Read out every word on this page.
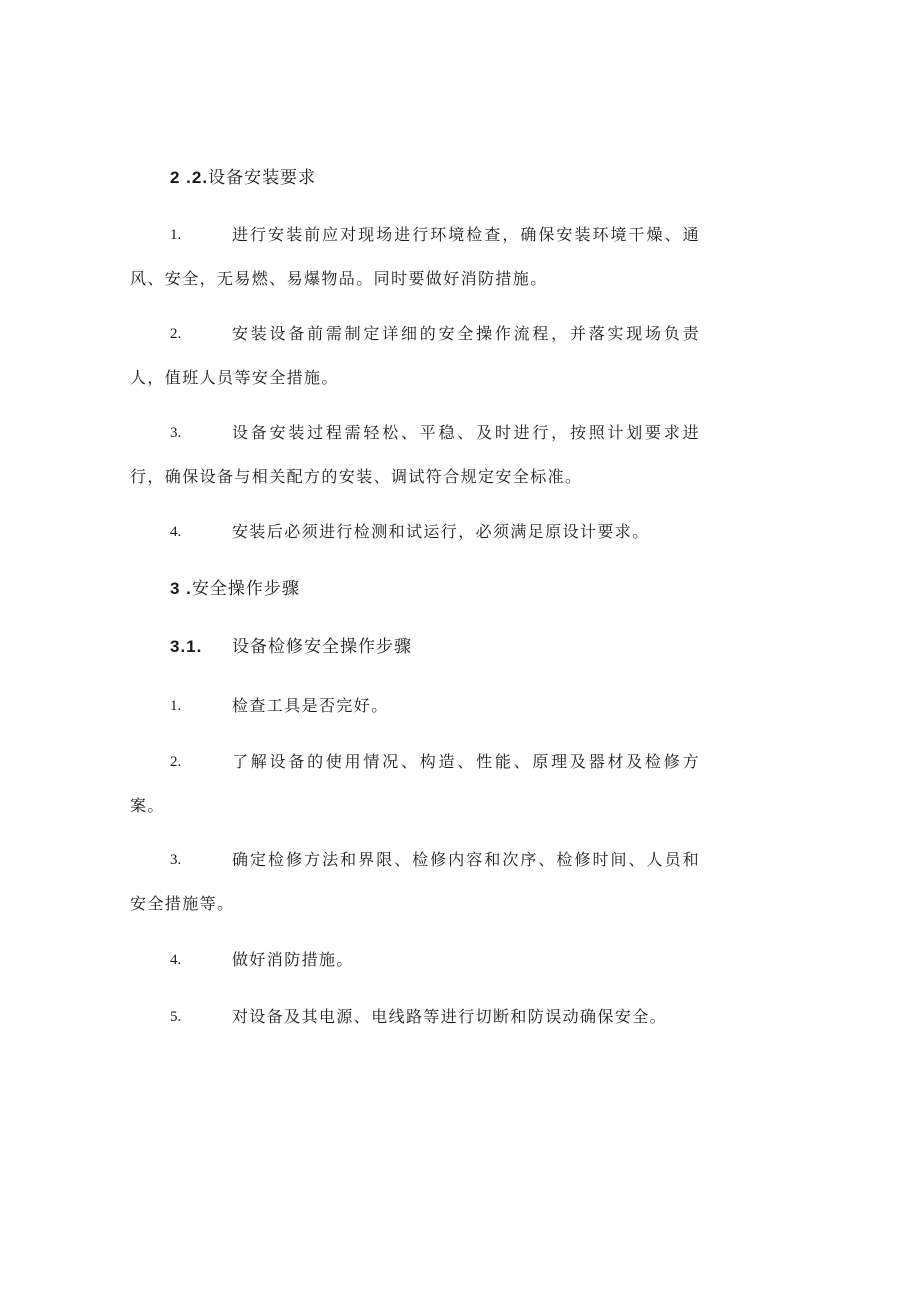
2 .2.设备安装要求
1.	进行安装前应对现场进行环境检查，确保安装环境干燥、通风、安全，无易燃、易爆物品。同时要做好消防措施。
2.	安装设备前需制定详细的安全操作流程，并落实现场负责人，值班人员等安全措施。
3.	设备安装过程需轻松、平稳、及时进行，按照计划要求进行，确保设备与相关配方的安装、调试符合规定安全标准。
4.	安装后必须进行检测和试运行，必须满足原设计要求。
3 .安全操作步骤
3.1. 设备检修安全操作步骤
1.	检查工具是否完好。
2.	了解设备的使用情况、构造、性能、原理及器材及检修方案。
3.	确定检修方法和界限、检修内容和次序、检修时间、人员和安全措施等。
4.	做好消防措施。
5.	对设备及其电源、电线路等进行切断和防误动确保安全。
